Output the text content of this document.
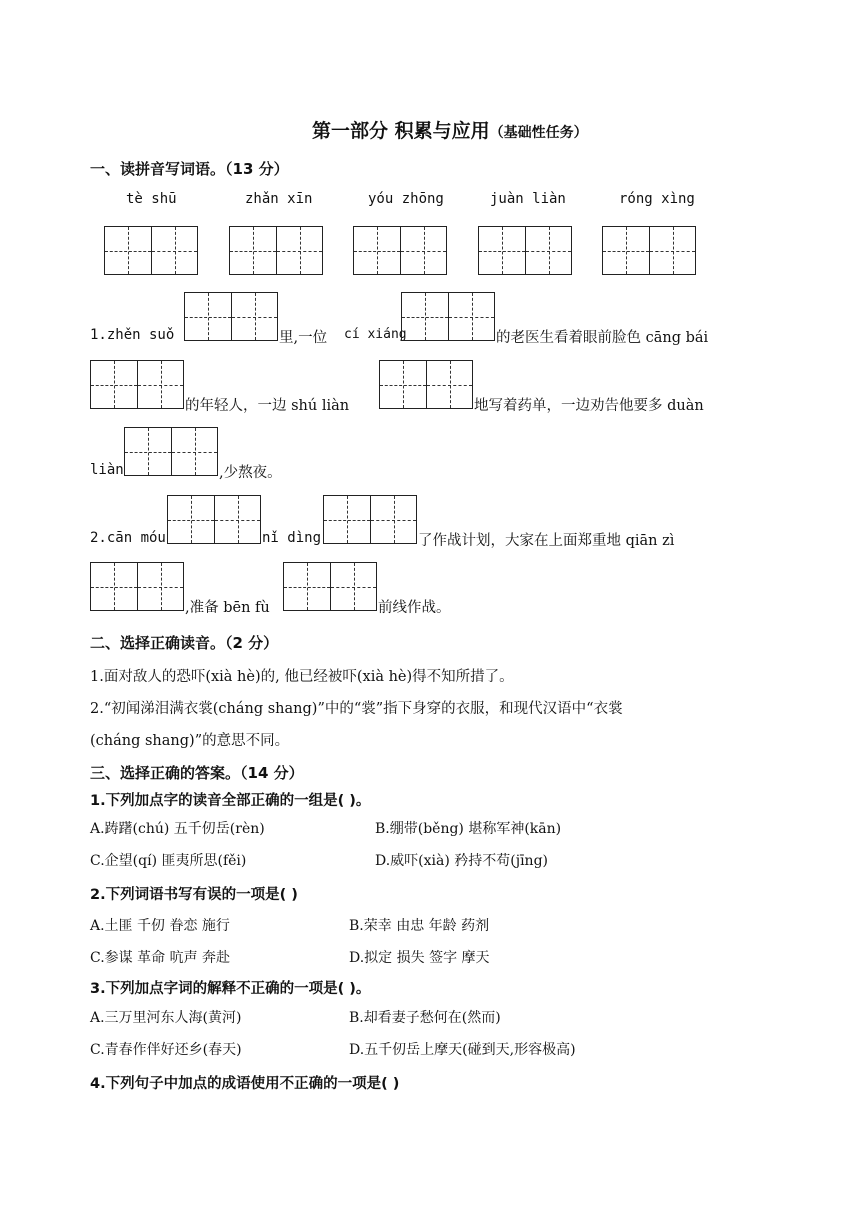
第一部分 积累与应用（基础性任务）
一、读拼音写词语。（13 分）
tè shū	zhǎn xīn	yóu zhōng	juàn liàn	róng xìng
1.zhěn suǒ	里,一位 cí xiáng	的老医生看着眼前脸色 cāng bái
的年轻人，一边 shú liàn	地写着药单，一边劝告他要多 duàn
liàn	,少熬夜。
2.cān móu	nǐ dìng	了作战计划，大家在上面郑重地 qiān zì
,准备 bēn fù	前线作战。
二、选择正确读音。（2 分）
1.面对敌人的恐吓(xià hè)的, 他已经被吓(xià hè)得不知所措了。
2.“初闻涕泪满衣裳(cháng shang)”中的“裳”指下身穿的衣服，和现代汉语中“衣裳
(cháng shang)”的意思不同。
三、选择正确的答案。（14 分）
1.下列加点字的读音全部正确的一组是( )。
A.踌躇(chú) 五千仞岳(rèn)	B.绷带(běng) 堪称军神(kān)
C.企望(qí) 匪夷所思(fěi)	D.威吓(xià) 矜持不苟(jīng)
2.下列词语书写有误的一项是( )
A.土匪 千仞 眷恋 施行	B.荣幸 由忠 年龄 药剂
C.参谋 革命 吭声 奔赴	D.拟定 损失 签字 摩天
3.下列加点字词的解释不正确的一项是( )。
A.三万里河东人海(黄河)	B.却看妻子愁何在(然而)
C.青春作伴好还乡(春天)	D.五千仞岳上摩天(碰到天,形容极高)
4.下列句子中加点的成语使用不正确的一项是( )
